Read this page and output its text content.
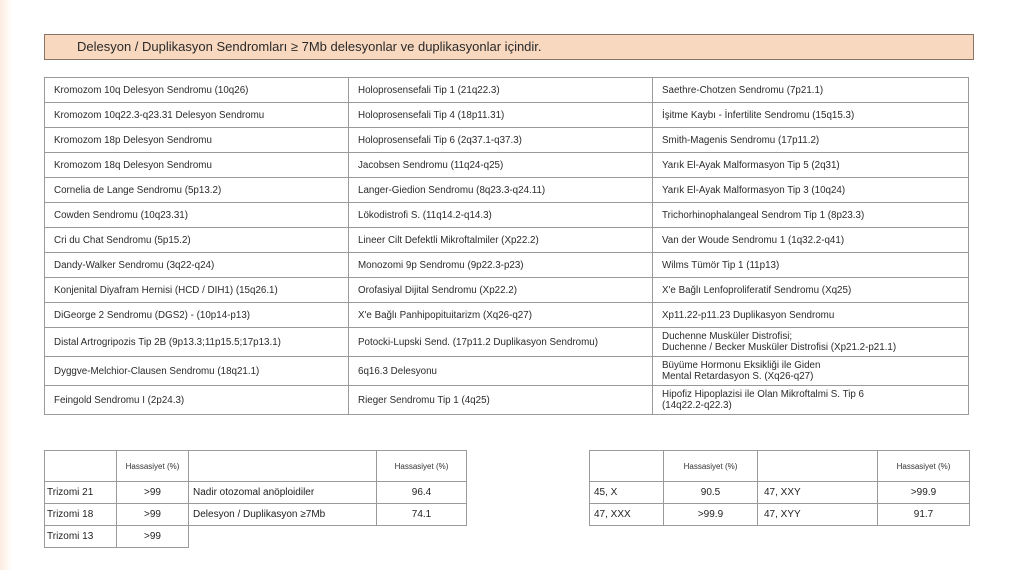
Delesyon / Duplikasyon Sendromları ≥ 7Mb delesyonlar ve duplikasyonlar içindir.
Kromozom 10q Delesyon Sendromu (10q26)	Holoprosensefali Tip 1 (21q22.3)	Saethre-Chotzen Sendromu (7p21.1)
Kromozom 10q22.3-q23.31 Delesyon Sendromu	Holoprosensefali Tip 4 (18p11.31)	İşitme Kaybı - İnfertilite Sendromu (15q15.3)
Kromozom 18p Delesyon Sendromu	Holoprosensefali Tip 6 (2q37.1-q37.3)	Smith-Magenis Sendromu (17p11.2)
Kromozom 18q Delesyon Sendromu	Jacobsen Sendromu (11q24-q25)	Yarık El-Ayak Malformasyon Tip 5 (2q31)
Cornelia de Lange Sendromu (5p13.2)	Langer-Giedion Sendromu (8q23.3-q24.11)	Yarık El-Ayak Malformasyon Tip 3 (10q24)
Cowden Sendromu (10q23.31)	Lökodistrofi S. (11q14.2-q14.3)	Trichorhinophalangeal Sendrom Tip 1 (8p23.3)
Cri du Chat Sendromu (5p15.2)	Lineer Cilt Defektli Mikroftalmiler (Xp22.2)	Van der Woude Sendromu 1 (1q32.2-q41)
Dandy-Walker Sendromu (3q22-q24)	Monozomi 9p Sendromu (9p22.3-p23)	Wilms Tümör Tip 1 (11p13)
Konjenital Diyafram Hernisi (HCD / DIH1) (15q26.1)	Orofasiyal Dijital Sendromu (Xp22.2)	X'e Bağlı Lenfoproliferatif Sendromu (Xq25)
DiGeorge 2 Sendromu (DGS2) - (10p14-p13)	X'e Bağlı Panhipopituitarizm (Xq26-q27)	Xp11.22-p11.23 Duplikasyon Sendromu
Distal Artrogripozis Tip 2B (9p13.3;11p15.5;17p13.1)	Potocki-Lupski Send. (17p11.2 Duplikasyon Sendromu)	Duchenne Musküler Distrofisi;
Duchenne / Becker Musküler Distrofisi (Xp21.2-p21.1)
Dyggve-Melchior-Clausen Sendromu (18q21.1)	6q16.3 Delesyonu	Büyüme Hormonu Eksikliği ile Giden
Mental Retardasyon S. (Xq26-q27)
Feingold Sendromu I (2p24.3)	Rieger Sendromu Tip 1 (4q25)	Hipofiz Hipoplazisi ile Olan Mikroftalmi S. Tip 6
(14q22.2-q22.3)
	Hassasiyet (%)		Hassasiyet (%)
Trizomi 21	>99	Nadir otozomal anöploidiler	96.4
Trizomi 18	>99	Delesyon / Duplikasyon ≥7Mb	74.1
Trizomi 13	>99		
	Hassasiyet (%)		Hassasiyet (%)
45, X	90.5	47, XXY	>99.9
47, XXX	>99.9	47, XYY	91.7
